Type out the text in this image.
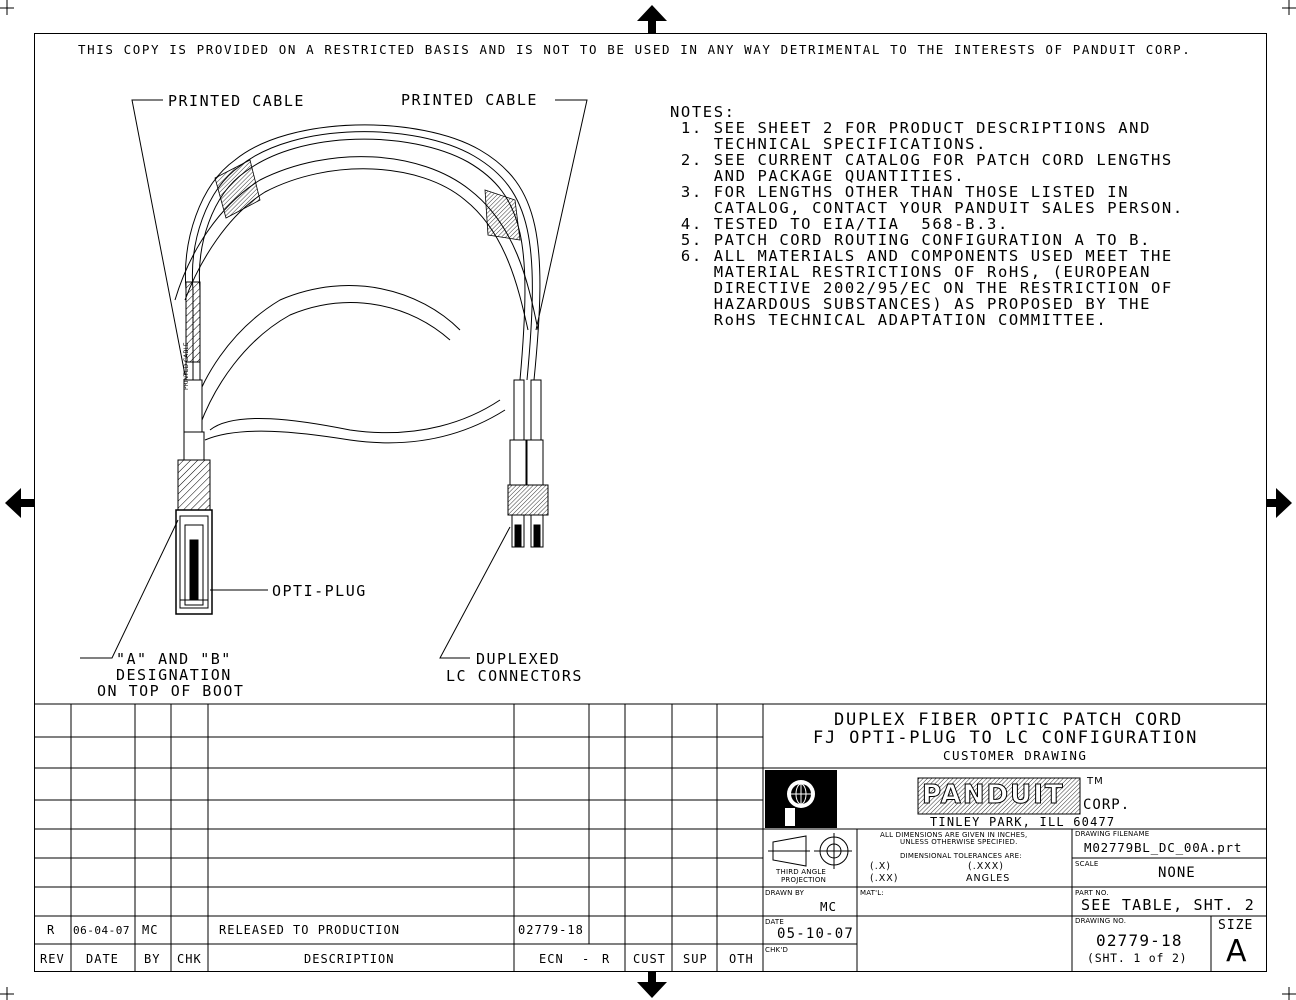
THIS COPY IS PROVIDED ON A RESTRICTED BASIS AND IS NOT TO BE USED IN ANY WAY DETRIMENTAL TO THE INTERESTS OF PANDUIT CORP.
PRINTED CABLE	PRINTED CABLE
OPTI-PLUG
"A" AND "B"
DESIGNATION
ON TOP OF BOOT
DUPLEXED
LC CONNECTORS
PRINTED CABLE
NOTES:
1. SEE SHEET 2 FOR PRODUCT DESCRIPTIONS AND
TECHNICAL SPECIFICATIONS.
2. SEE CURRENT CATALOG FOR PATCH CORD LENGTHS
AND PACKAGE QUANTITIES.
3. FOR LENGTHS OTHER THAN THOSE LISTED IN
CATALOG, CONTACT YOUR PANDUIT SALES PERSON.
4. TESTED TO EIA/TIA  568-B.3.
5. PATCH CORD ROUTING CONFIGURATION A TO B.
6. ALL MATERIALS AND COMPONENTS USED MEET THE
MATERIAL RESTRICTIONS OF RoHS, (EUROPEAN
DIRECTIVE 2002/95/EC ON THE RESTRICTION OF
HAZARDOUS SUBSTANCES) AS PROPOSED BY THE
RoHS TECHNICAL ADAPTATION COMMITTEE.
REV DATE BY CHK	DESCRIPTION	ECN - R CUST SUP OTH
R 06-04-07 MC	RELEASED TO PRODUCTION	02779-18
DUPLEX FIBER OPTIC PATCH CORD
FJ OPTI-PLUG TO LC CONFIGURATION
CUSTOMER DRAWING
PANDUIT TM
CORP.
TINLEY PARK, ILL 60477
THIRD ANGLE
PROJECTION
ALL DIMENSIONS ARE GIVEN IN INCHES,
UNLESS OTHERWISE SPECIFIED.
DIMENSIONAL TOLERANCES ARE:
(.X)	(.XXX)
(.XX)	ANGLES
DRAWING FILENAME
M02779BL_DC_00A.prt
SCALE
NONE
DRAWN BY
MC
MAT'L:	PART NO.
SEE TABLE, SHT. 2
DATE
05-10-07
CHK'D
DRAWING NO.
02779-18
(SHT. 1 of 2)
SIZE
A
